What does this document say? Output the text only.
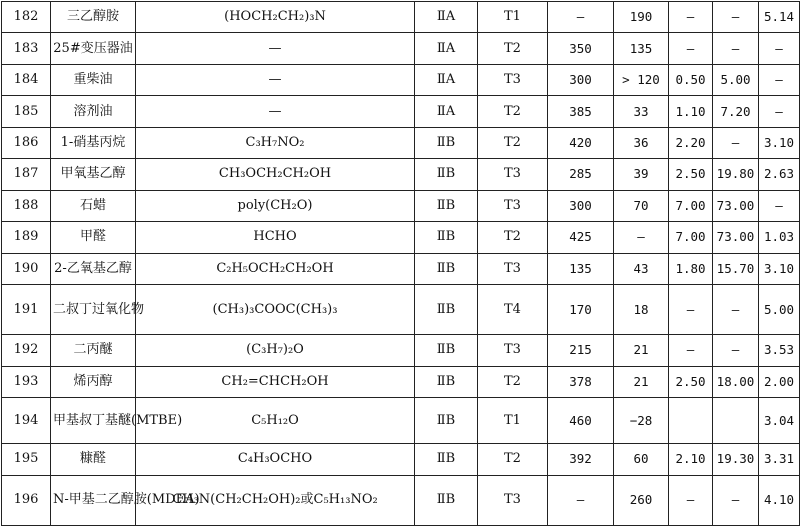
182	三乙醇胺	(HOCH₂CH₂)₃N	ⅡA	T1	—	190	—	—	5.14
183	25#变压器油	—	ⅡA	T2	350	135	—	—	—
184	重柴油	—	ⅡA	T3	300	> 120	0.50	5.00	—
185	溶剂油	—	ⅡA	T2	385	33	1.10	7.20	—
186	1-硝基丙烷	C₃H₇NO₂	ⅡB	T2	420	36	2.20	—	3.10
187	甲氧基乙醇	CH₃OCH₂CH₂OH	ⅡB	T3	285	39	2.50	19.80	2.63
188	石蜡	poly(CH₂O)	ⅡB	T3	300	70	7.00	73.00	—
189	甲醛	HCHO	ⅡB	T2	425	—	7.00	73.00	1.03
190	2-乙氧基乙醇	C₂H₅OCH₂CH₂OH	ⅡB	T3	135	43	1.80	15.70	3.10
191	二叔丁过氧化物	(CH₃)₃COOC(CH₃)₃	ⅡB	T4	170	18	—	—	5.00
192	二丙醚	(C₃H₇)₂O	ⅡB	T3	215	21	—	—	3.53
193	烯丙醇	CH₂=CHCH₂OH	ⅡB	T2	378	21	2.50	18.00	2.00
194	甲基叔丁基醚(MTBE)	C₅H₁₂O	ⅡB	T1	460	−28			3.04
195	糠醛	C₄H₃OCHO	ⅡB	T2	392	60	2.10	19.30	3.31
196	N-甲基二乙醇胺(MDEA)	CH₃N(CH₂CH₂OH)₂或C₅H₁₃NO₂	ⅡB	T3	—	260	—	—	4.10
